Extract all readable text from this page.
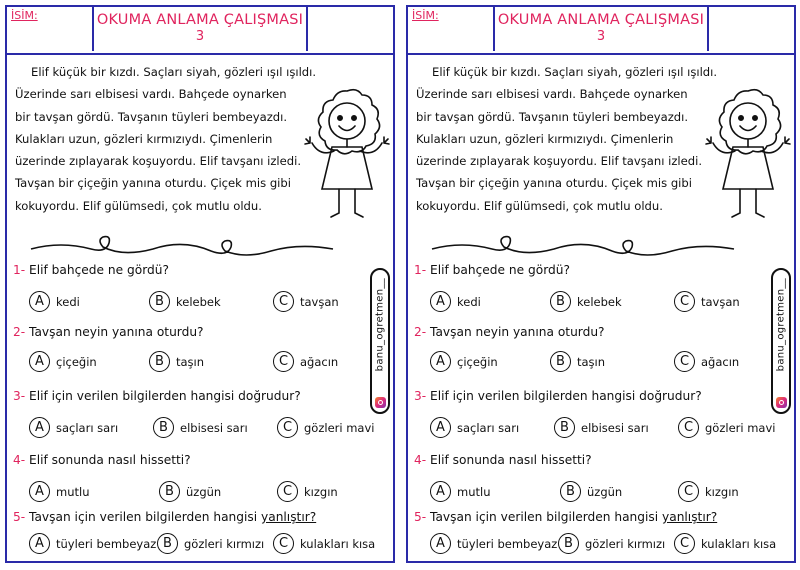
İSİM:	OKUMA ANLAMA ÇALIŞMASI
3
Elif küçük bir kızdı. Saçları siyah, gözleri ışıl ışıldı.
Üzerinde sarı elbisesi vardı. Bahçede oynarken
bir tavşan gördü. Tavşanın tüyleri bembeyazdı.
Kulakları uzun, gözleri kırmızıydı. Çimenlerin
üzerinde zıplayarak koşuyordu. Elif tavşanı izledi.
Tavşan bir çiçeğin yanına oturdu. Çiçek mis gibi
kokuyordu. Elif gülümsedi, çok mutlu oldu.
banu_ogretmen__
1- Elif bahçede ne gördü?
A	kedi	B	kelebek	C	tavşan
2- Tavşan neyin yanına oturdu?
A	çiçeğin	B	taşın	C	ağacın
3- Elif için verilen bilgilerden hangisi doğrudur?
A	saçları sarı	B	elbisesi sarı	C	gözleri mavi
4- Elif sonunda nasıl hissetti?
A	mutlu	B	üzgün	C	kızgın
5- Tavşan için verilen bilgilerden hangisi yanlıştır?
A	tüyleri bembeyaz B	gözleri kırmızı	C	kulakları kısa
İSİM:	OKUMA ANLAMA ÇALIŞMASI
3
Elif küçük bir kızdı. Saçları siyah, gözleri ışıl ışıldı.
Üzerinde sarı elbisesi vardı. Bahçede oynarken
bir tavşan gördü. Tavşanın tüyleri bembeyazdı.
Kulakları uzun, gözleri kırmızıydı. Çimenlerin
üzerinde zıplayarak koşuyordu. Elif tavşanı izledi.
Tavşan bir çiçeğin yanına oturdu. Çiçek mis gibi
kokuyordu. Elif gülümsedi, çok mutlu oldu.
banu_ogretmen__
1- Elif bahçede ne gördü?
A	kedi	B	kelebek	C	tavşan
2- Tavşan neyin yanına oturdu?
A	çiçeğin	B	taşın	C	ağacın
3- Elif için verilen bilgilerden hangisi doğrudur?
A	saçları sarı	B	elbisesi sarı	C	gözleri mavi
4- Elif sonunda nasıl hissetti?
A	mutlu	B	üzgün	C	kızgın
5- Tavşan için verilen bilgilerden hangisi yanlıştır?
A	tüyleri bembeyaz B	gözleri kırmızı	C	kulakları kısa
